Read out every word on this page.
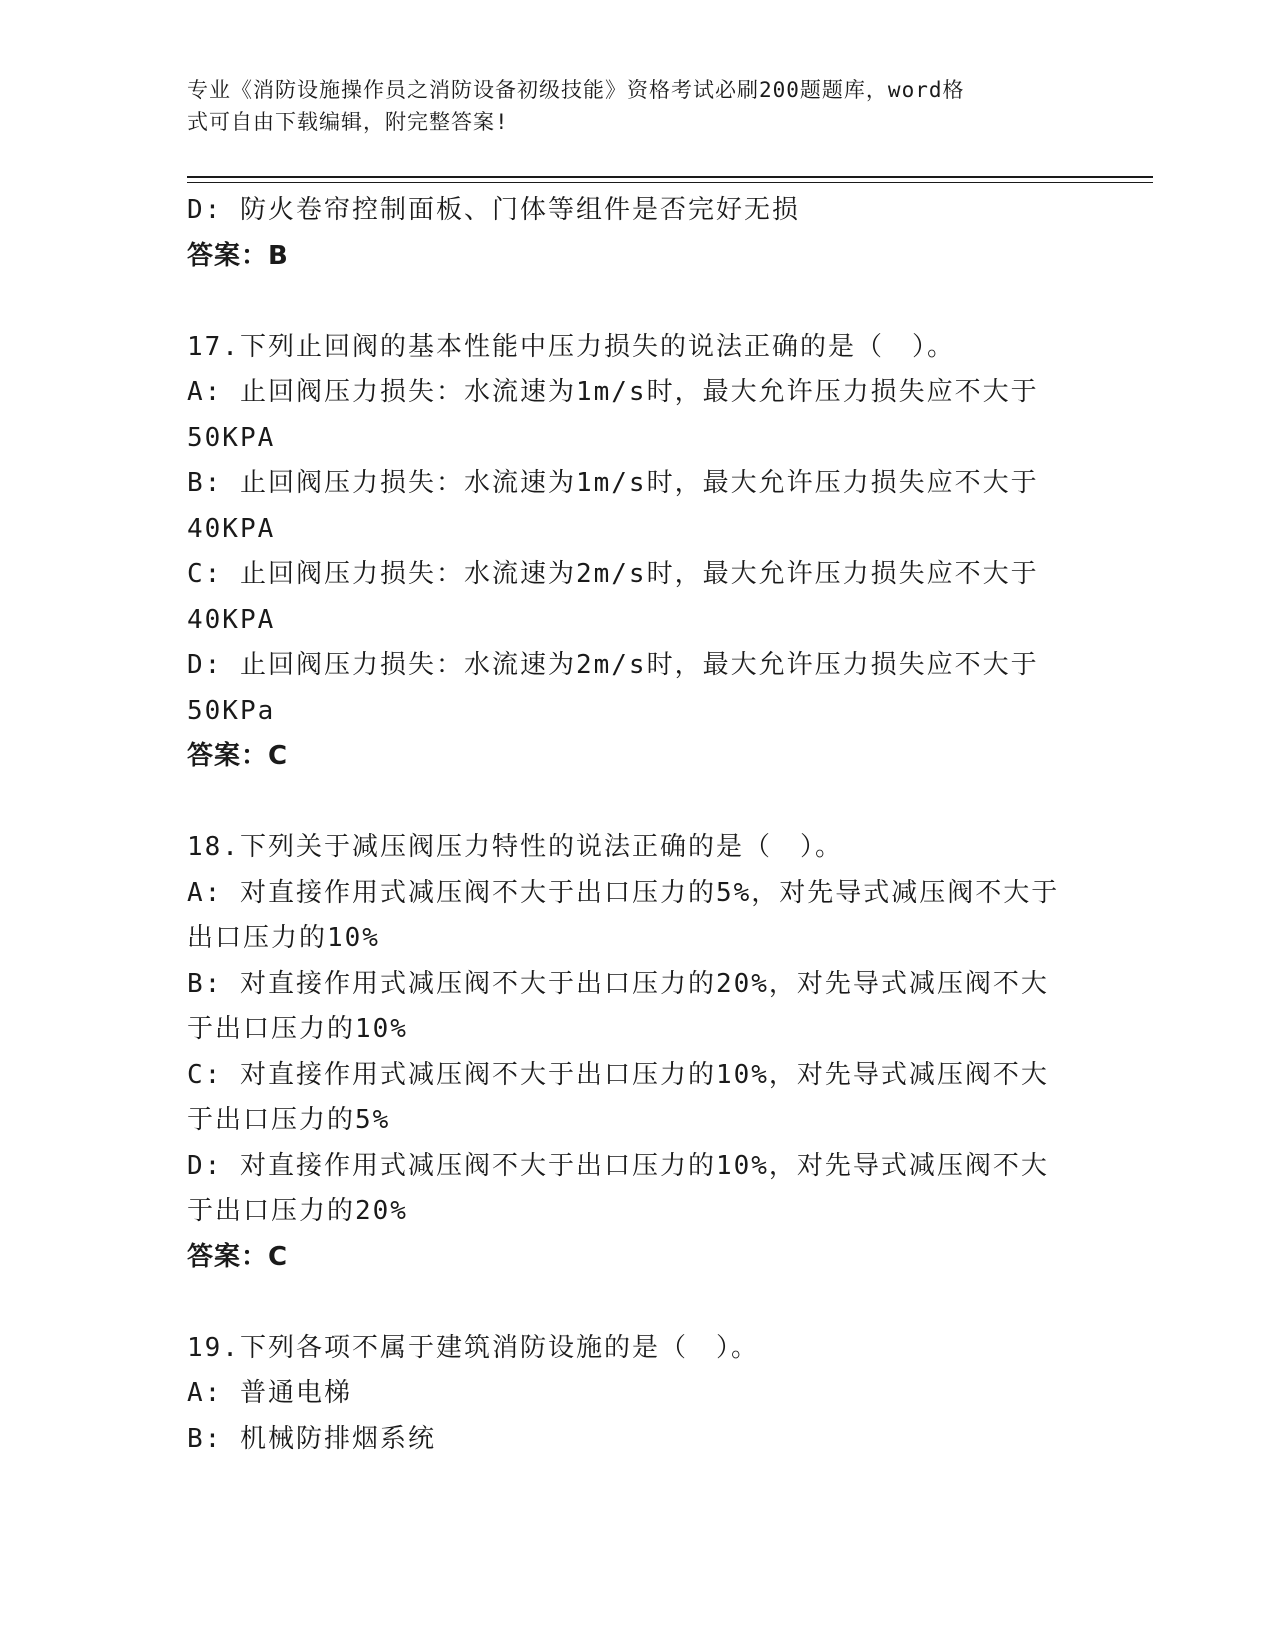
专业《消防设施操作员之消防设备初级技能》资格考试必刷200题题库，word格
式可自由下载编辑，附完整答案!
D: 防火卷帘控制面板、门体等组件是否完好无损
答案：B
17.下列止回阀的基本性能中压力损失的说法正确的是（　）。
A: 止回阀压力损失：水流速为1m/s时，最大允许压力损失应不大于
50KPA
B: 止回阀压力损失：水流速为1m/s时，最大允许压力损失应不大于
40KPA
C: 止回阀压力损失：水流速为2m/s时，最大允许压力损失应不大于
40KPA
D: 止回阀压力损失：水流速为2m/s时，最大允许压力损失应不大于
50KPa
答案：C
18.下列关于减压阀压力特性的说法正确的是（　）。
A: 对直接作用式减压阀不大于出口压力的5%，对先导式减压阀不大于
出口压力的10%
B: 对直接作用式减压阀不大于出口压力的20%，对先导式减压阀不大
于出口压力的10%
C: 对直接作用式减压阀不大于出口压力的10%，对先导式减压阀不大
于出口压力的5%
D: 对直接作用式减压阀不大于出口压力的10%，对先导式减压阀不大
于出口压力的20%
答案：C
19.下列各项不属于建筑消防设施的是（　）。
A: 普通电梯
B: 机械防排烟系统
